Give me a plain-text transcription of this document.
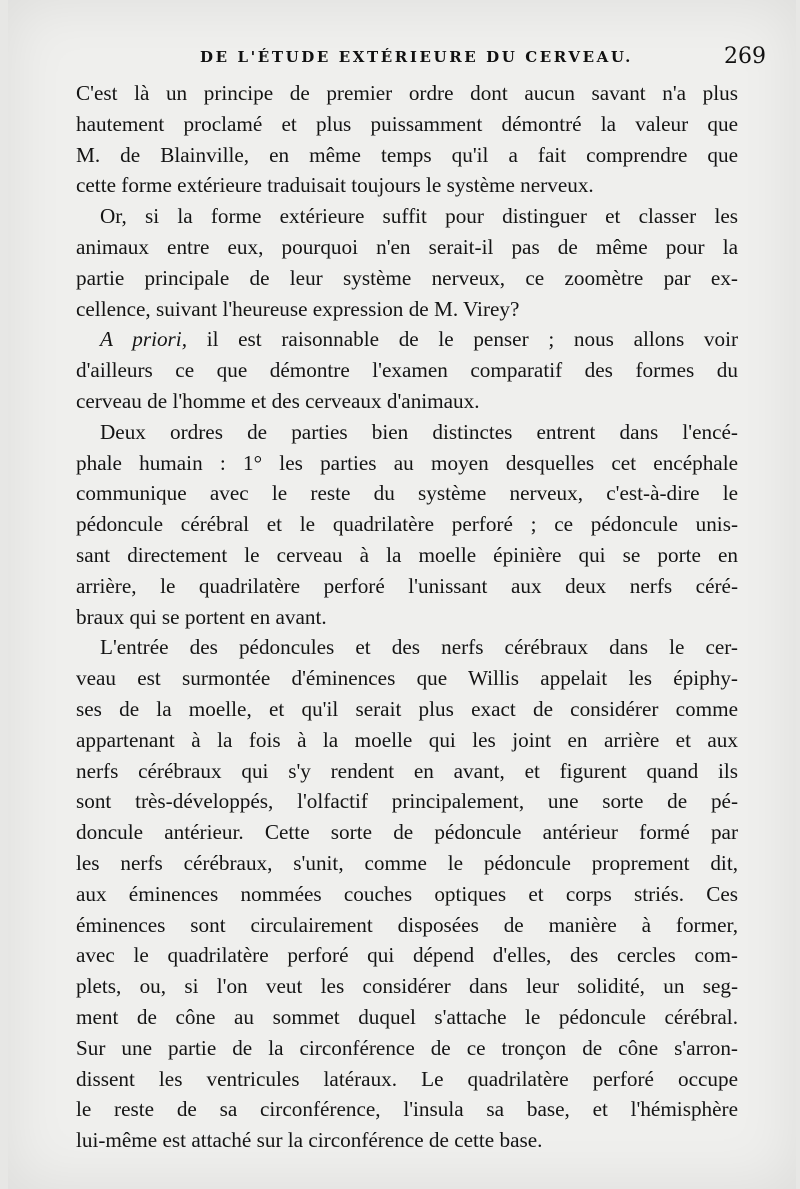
DE L'ÉTUDE EXTÉRIEURE DU CERVEAU.	269
C'est là un principe de premier ordre dont aucun savant n'a plus
hautement proclamé et plus puissamment démontré la valeur que
M. de Blainville, en même temps qu'il a fait comprendre que
cette forme extérieure traduisait toujours le système nerveux.
Or, si la forme extérieure suffit pour distinguer et classer les
animaux entre eux, pourquoi n'en serait-il pas de même pour la
partie principale de leur système nerveux, ce zoomètre par ex-
cellence, suivant l'heureuse expression de M. Virey?
A priori, il est raisonnable de le penser ; nous allons voir
d'ailleurs ce que démontre l'examen comparatif des formes du
cerveau de l'homme et des cerveaux d'animaux.
Deux ordres de parties bien distinctes entrent dans l'encé-
phale humain : 1° les parties au moyen desquelles cet encéphale
communique avec le reste du système nerveux, c'est-à-dire le
pédoncule cérébral et le quadrilatère perforé ; ce pédoncule unis-
sant directement le cerveau à la moelle épinière qui se porte en
arrière, le quadrilatère perforé l'unissant aux deux nerfs céré-
braux qui se portent en avant.
L'entrée des pédoncules et des nerfs cérébraux dans le cer-
veau est surmontée d'éminences que Willis appelait les épiphy-
ses de la moelle, et qu'il serait plus exact de considérer comme
appartenant à la fois à la moelle qui les joint en arrière et aux
nerfs cérébraux qui s'y rendent en avant, et figurent quand ils
sont très-développés, l'olfactif principalement, une sorte de pé-
doncule antérieur. Cette sorte de pédoncule antérieur formé par
les nerfs cérébraux, s'unit, comme le pédoncule proprement dit,
aux éminences nommées couches optiques et corps striés. Ces
éminences sont circulairement disposées de manière à former,
avec le quadrilatère perforé qui dépend d'elles, des cercles com-
plets, ou, si l'on veut les considérer dans leur solidité, un seg-
ment de cône au sommet duquel s'attache le pédoncule cérébral.
Sur une partie de la circonférence de ce tronçon de cône s'arron-
dissent les ventricules latéraux. Le quadrilatère perforé occupe
le reste de sa circonférence, l'insula sa base, et l'hémisphère
lui-même est attaché sur la circonférence de cette base.
